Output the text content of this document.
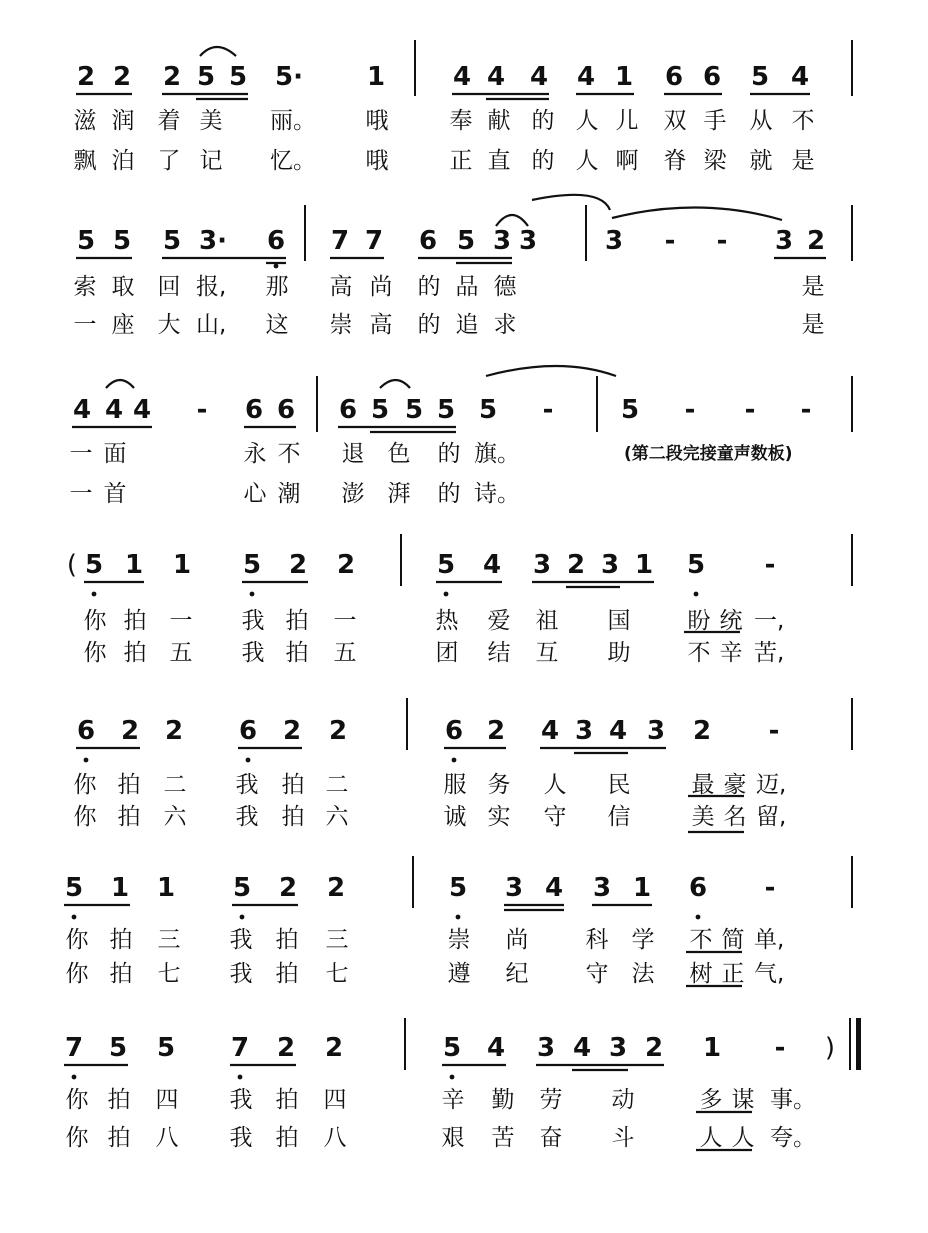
2 2 2 5 5 5· 1	4 4 4 4 1 6 6 5 4
滋 润 着 美 丽。 哦	奉 献 的 人 儿 双 手 从 不
飘 泊 了 记 忆。 哦	正 直 的 人 啊 脊 梁 就 是
5 5 5 3· 6 7 7 6 5 3 3	3 - - 3 2
索 取 回 报,	那 高 尚 的 品 德	是
一 座 大 山,	这 崇 高 的 追 求	是
4 4 4 - 6 6 6 5 5 5 5 -	5 - - -
一 面	永 不 退 色 的 旗。	(第二段完接童声数板)
一 首	心 潮 澎 湃 的 诗。
( 5 1 1 5 2 2	5 4 3 2 3 1 5 -
你 拍 一 我 拍 一	热 爱 祖 国 盼 统 一,
你 拍 五 我 拍 五	团 结 互 助 不 辛 苦,
6 2 2 6 2 2	6 2 4 3 4 3 2 -
你 拍 二 我 拍 二	服 务 人 民	最 豪 迈,
你 拍 六 我 拍 六	诚 实 守 信	美 名 留,
5 1 1 5 2 2	5 3 4 3 1 6 -
你 拍 三 我 拍 三	崇 尚 科 学 不 简 单,
你 拍 七 我 拍 七	遵 纪 守 法 树 正 气,
7 5 5 7 2 2	5 4 3 4 3 2 1 - )
你 拍 四 我 拍 四	辛 勤 劳 动	多 谋 事。
你 拍 八 我 拍 八	艰 苦 奋 斗	人 人 夸。
